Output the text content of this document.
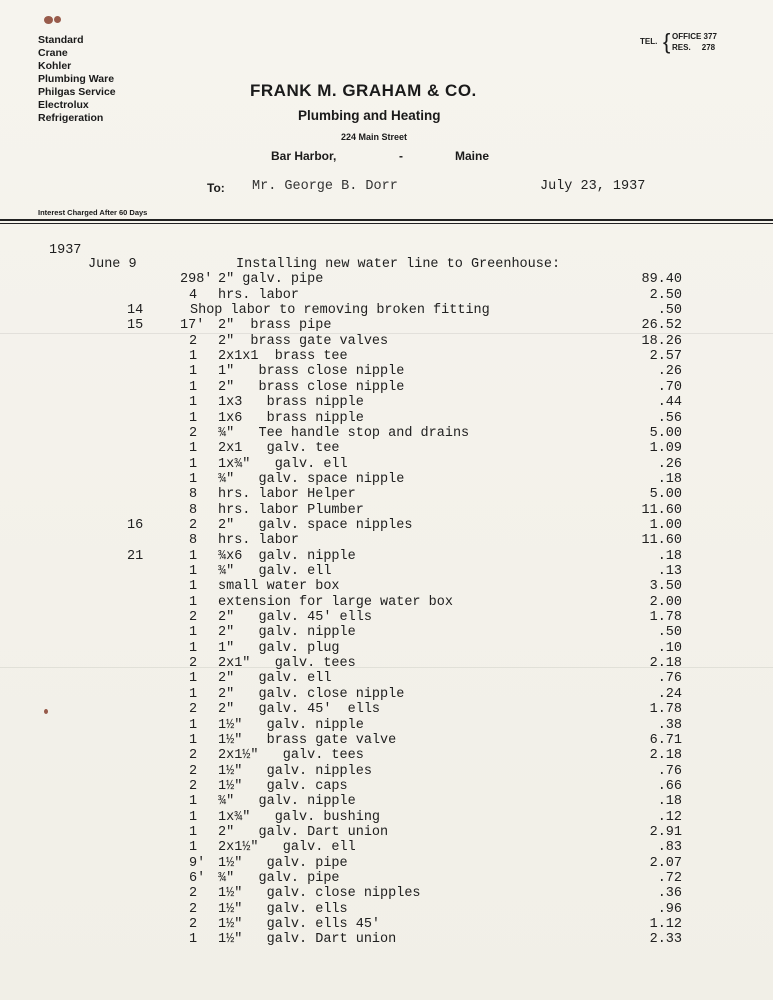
Standard
Crane
Kohler
Plumbing Ware
Philgas Service
Electrolux
Refrigeration
TEL. { OFFICE 377
RES.     278
FRANK M. GRAHAM & CO.
Plumbing and Heating
224 Main Street
Bar Harbor,	-	Maine
To: Mr. George B. Dorr	July 23, 1937
Interest Charged After 60 Days
1937
June 9	Installing new water line to Greenhouse:
298' 2" galv. pipe	89.40
4 hrs. labor	2.50
14	Shop labor to removing broken fitting	.50
15	17' 2"  brass pipe	26.52
2 2"  brass gate valves	18.26
1 2x1x1  brass tee	2.57
1 1"   brass close nipple	.26
1 2"   brass close nipple	.70
1 1x3   brass nipple	.44
1 1x6   brass nipple	.56
2 ¾"   Tee handle stop and drains	5.00
1 2x1   galv. tee	1.09
1 1x¾"   galv. ell	.26
1 ¾"   galv. space nipple	.18
8 hrs. labor Helper	5.00
8 hrs. labor Plumber	11.60
16	2 2"   galv. space nipples	1.00
8 hrs. labor	11.60
21	1 ¾x6  galv. nipple	.18
1 ¾"   galv. ell	.13
1 small water box	3.50
1 extension for large water box	2.00
2 2"   galv. 45' ells	1.78
1 2"   galv. nipple	.50
1 1"   galv. plug	.10
2 2x1"   galv. tees	2.18
1 2"   galv. ell	.76
1 2"   galv. close nipple	.24
2 2"   galv. 45'  ells	1.78
1 1½"   galv. nipple	.38
1 1½"   brass gate valve	6.71
2 2x1½"   galv. tees	2.18
2 1½"   galv. nipples	.76
2 1½"   galv. caps	.66
1 ¾"   galv. nipple	.18
1 1x¾"   galv. bushing	.12
1 2"   galv. Dart union	2.91
1 2x1½"   galv. ell	.83
9' 1½"   galv. pipe	2.07
6' ¾"   galv. pipe	.72
2 1½"   galv. close nipples	.36
2 1½"   galv. ells	.96
2 1½"   galv. ells 45'	1.12
1 1½"   galv. Dart union	2.33
